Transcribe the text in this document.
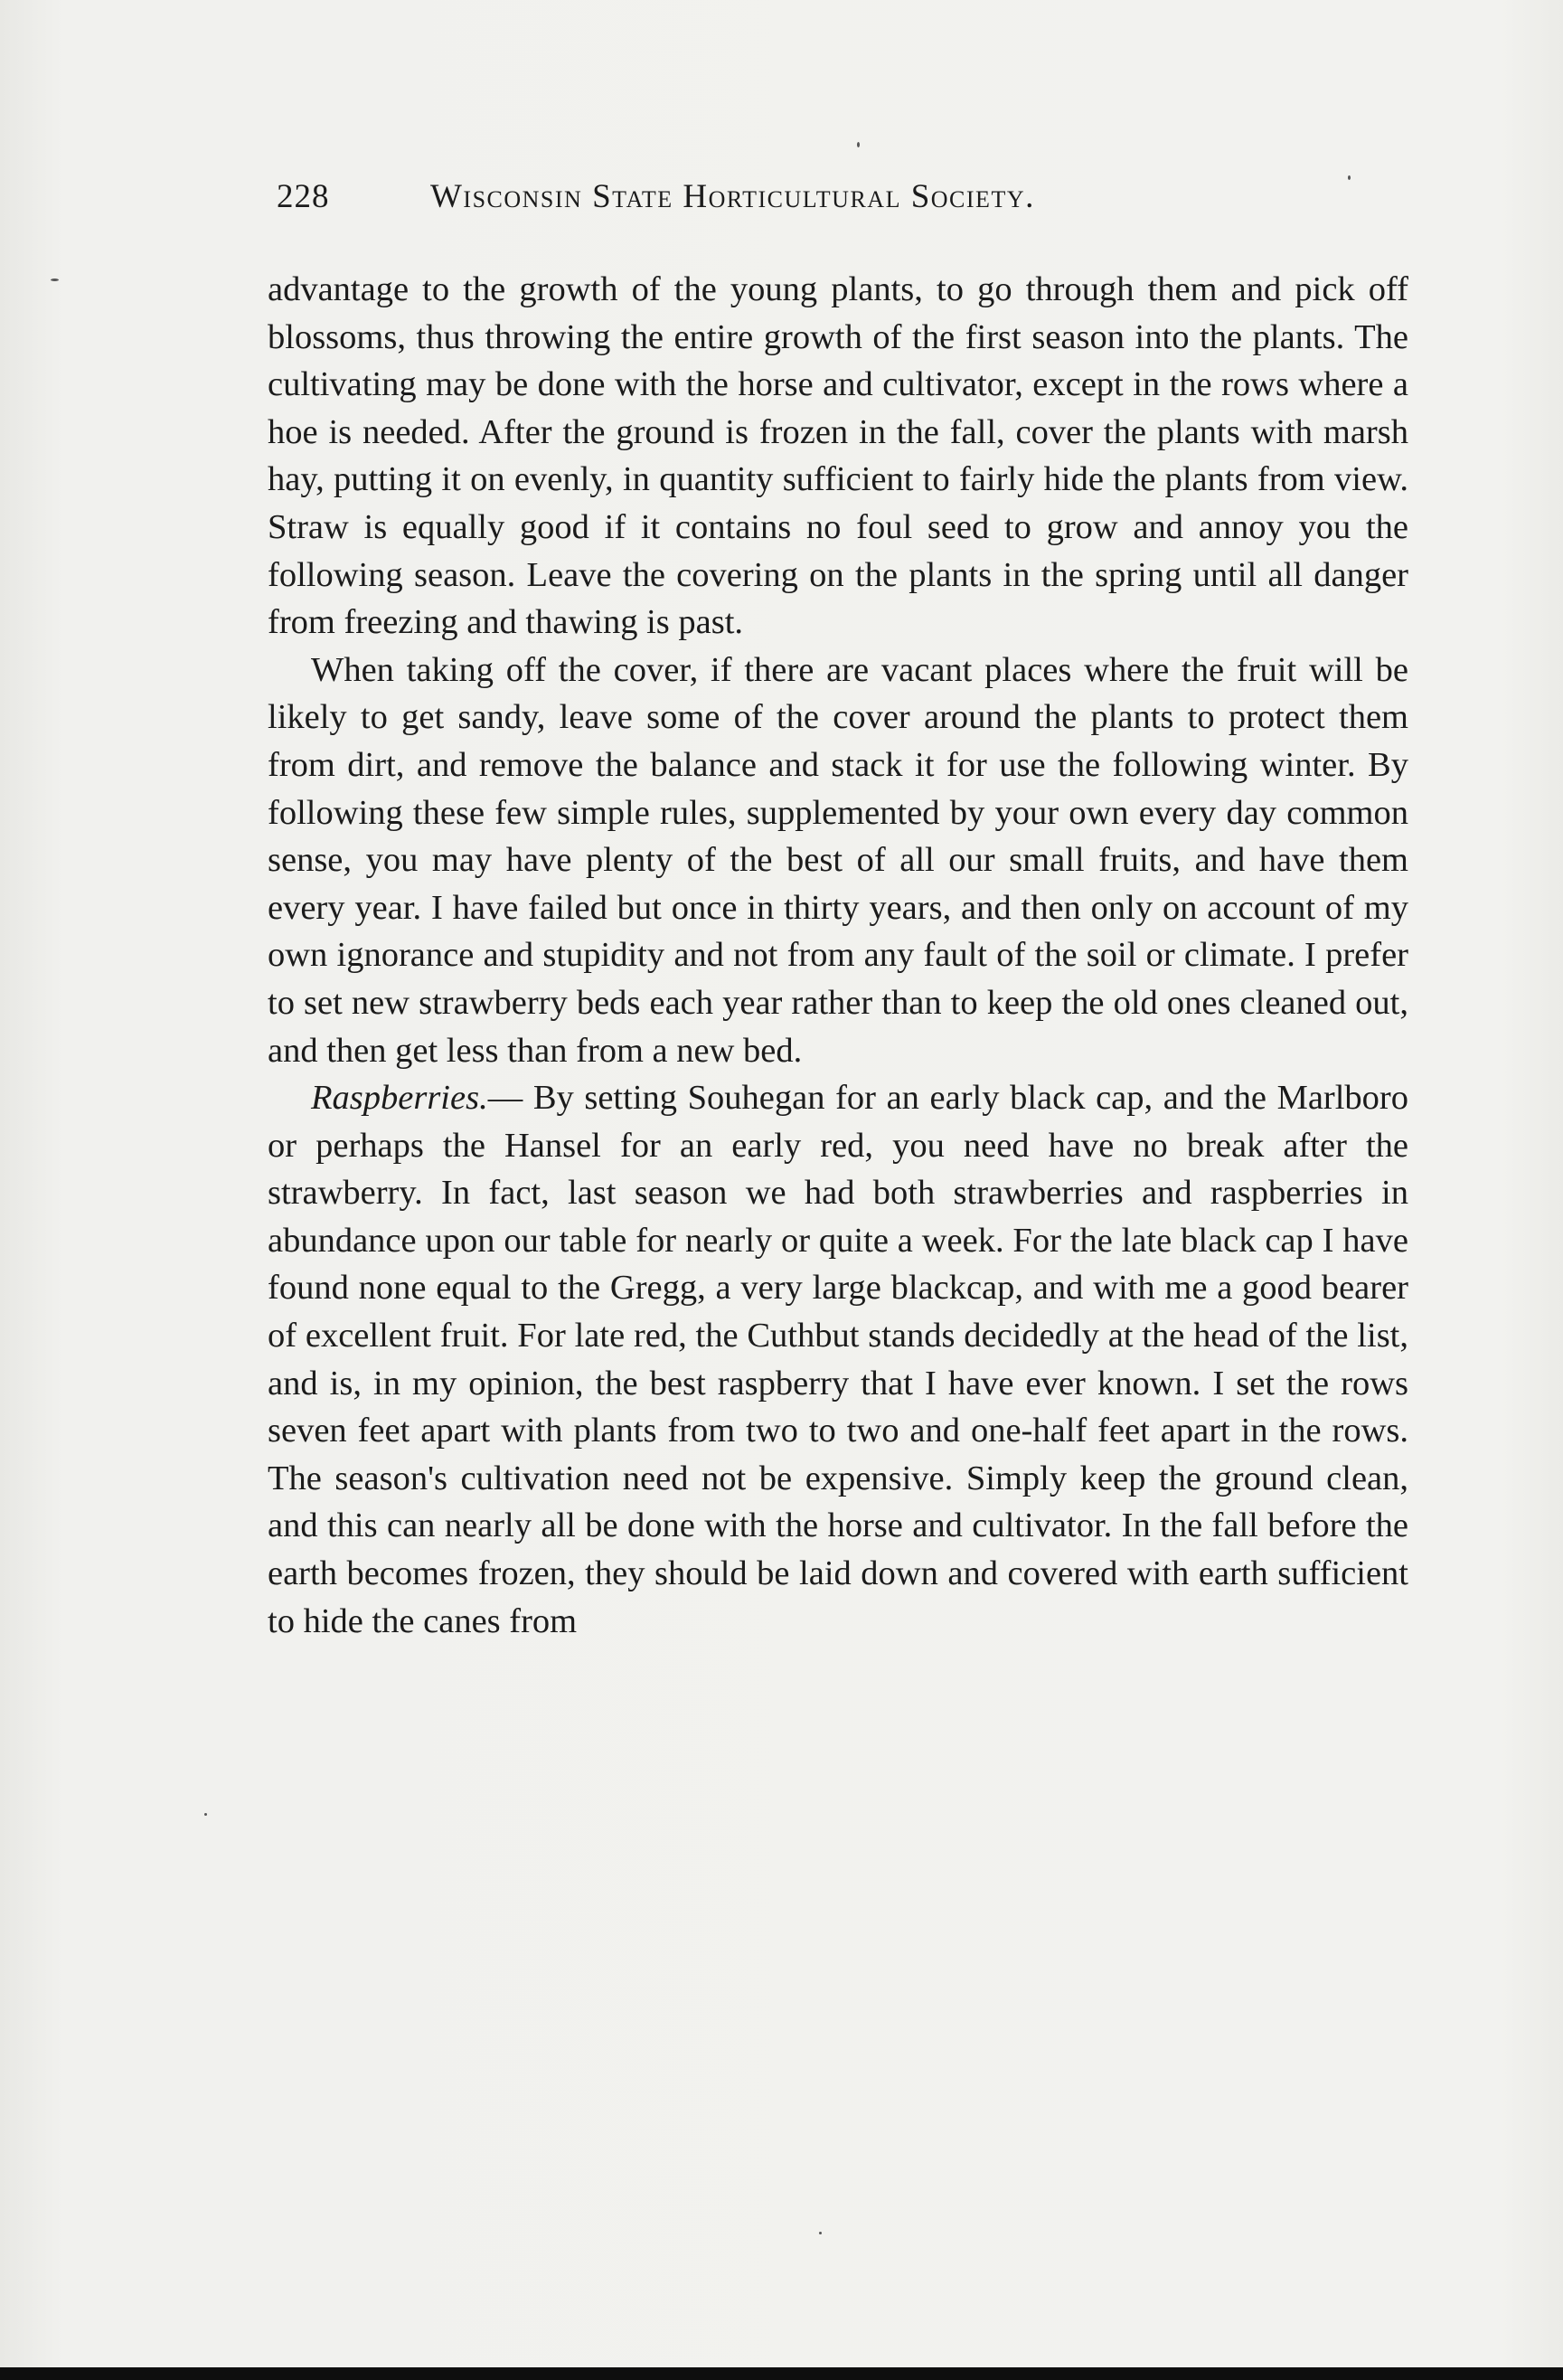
228	Wisconsin State Horticultural Society.

advantage to the growth of the young plants, to go through them and pick off blossoms, thus throwing the entire growth of the first season into the plants. The cultivating may be done with the horse and cultivator, except in the rows where a hoe is needed. After the ground is frozen in the fall, cover the plants with marsh hay, putting it on evenly, in quantity sufficient to fairly hide the plants from view. Straw is equally good if it contains no foul seed to grow and annoy you the following season. Leave the covering on the plants in the spring until all danger from freezing and thawing is past.

When taking off the cover, if there are vacant places where the fruit will be likely to get sandy, leave some of the cover around the plants to protect them from dirt, and remove the balance and stack it for use the following winter. By following these few simple rules, supplemented by your own every day common sense, you may have plenty of the best of all our small fruits, and have them every year. I have failed but once in thirty years, and then only on account of my own ignorance and stupidity and not from any fault of the soil or climate. I prefer to set new strawberry beds each year rather than to keep the old ones cleaned out, and then get less than from a new bed.

Raspberries.— By setting Souhegan for an early black cap, and the Marlboro or perhaps the Hansel for an early red, you need have no break after the strawberry. In fact, last season we had both strawberries and raspberries in abundance upon our table for nearly or quite a week. For the late black cap I have found none equal to the Gregg, a very large blackcap, and with me a good bearer of excellent fruit. For late red, the Cuthbut stands decidedly at the head of the list, and is, in my opinion, the best raspberry that I have ever known. I set the rows seven feet apart with plants from two to two and one-half feet apart in the rows. The season's cultivation need not be expensive. Simply keep the ground clean, and this can nearly all be done with the horse and cultivator. In the fall before the earth becomes frozen, they should be laid down and covered with earth sufficient to hide the canes from
